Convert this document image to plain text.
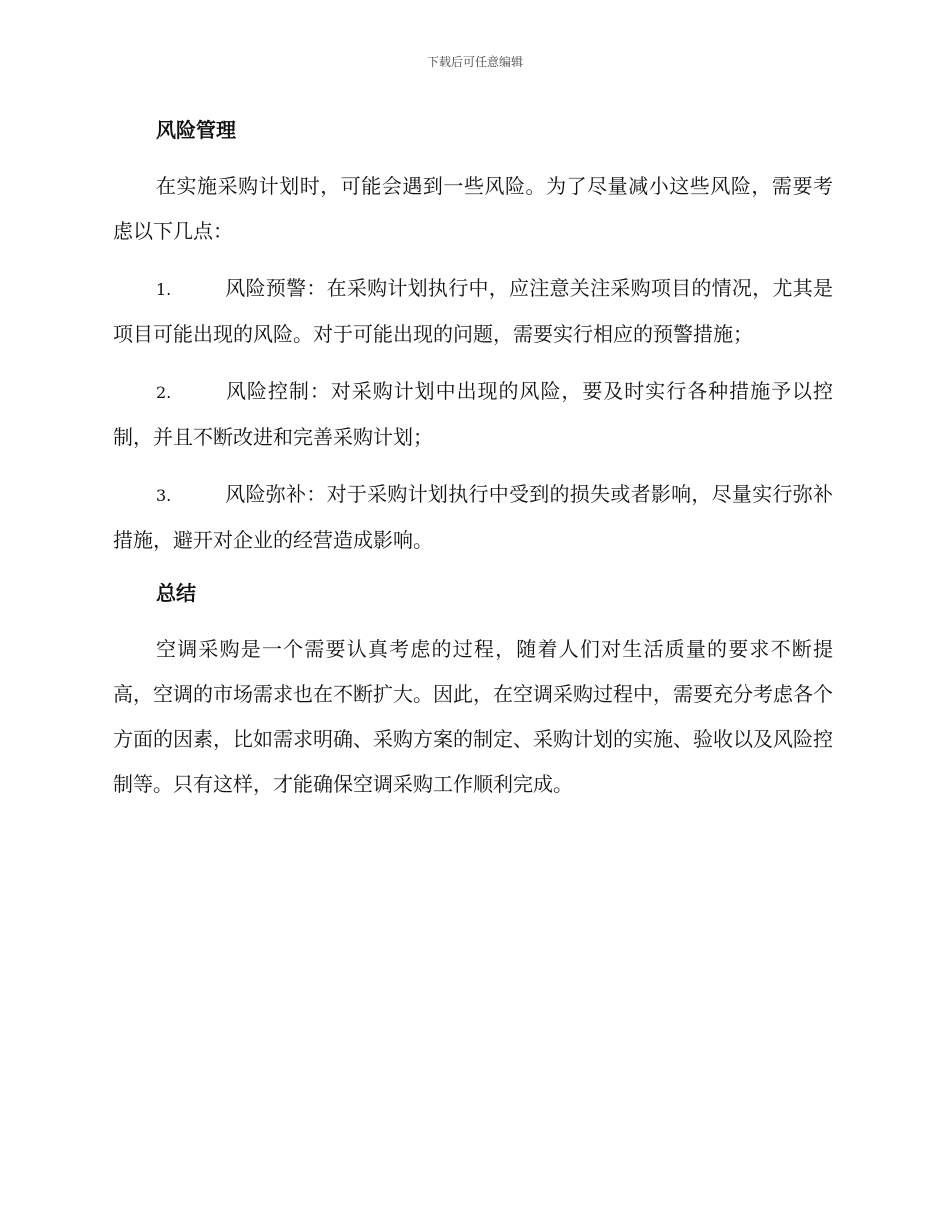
下载后可任意编辑
风险管理

在实施采购计划时，可能会遇到一些风险。为了尽量减小这些风险，需要考虑以下几点：

1.	风险预警：在采购计划执行中，应注意关注采购项目的情况，尤其是项目可能出现的风险。对于可能出现的问题，需要实行相应的预警措施；
2.	风险控制：对采购计划中出现的风险，要及时实行各种措施予以控制，并且不断改进和完善采购计划；
3.	风险弥补：对于采购计划执行中受到的损失或者影响，尽量实行弥补措施，避开对企业的经营造成影响。
总结

空调采购是一个需要认真考虑的过程，随着人们对生活质量的要求不断提高，空调的市场需求也在不断扩大。因此，在空调采购过程中，需要充分考虑各个方面的因素，比如需求明确、采购方案的制定、采购计划的实施、验收以及风险控制等。只有这样，才能确保空调采购工作顺利完成。
